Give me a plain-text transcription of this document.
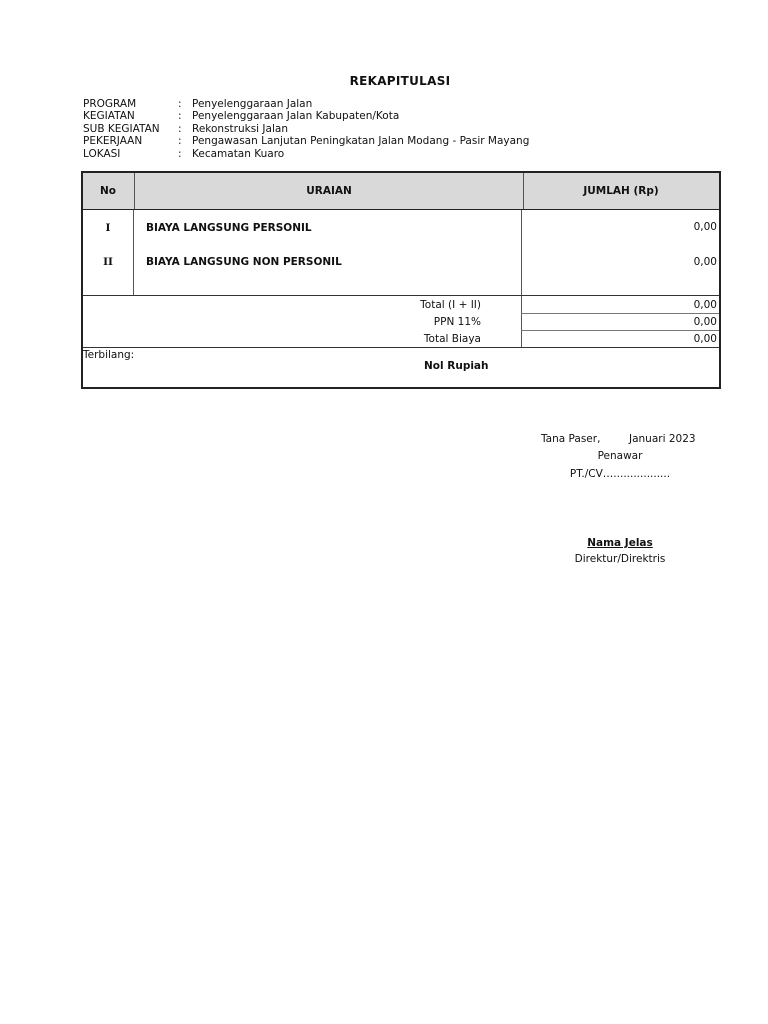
REKAPITULASI
PROGRAM	: Penyelenggaraan Jalan
KEGIATAN	: Penyelenggaraan Jalan Kabupaten/Kota
SUB KEGIATAN	: Rekonstruksi Jalan
PEKERJAAN	: Pengawasan Lanjutan Peningkatan Jalan Modang - Pasir Mayang
LOKASI	: Kecamatan Kuaro
No	URAIAN	JUMLAH (Rp)
I	BIAYA LANGSUNG PERSONIL	0,00
II	BIAYA LANGSUNG NON PERSONIL	0,00
Total (I + II)	0,00
PPN 11%	0,00
Total Biaya	0,00
Terbilang:
Nol Rupiah
Tana Paser,	Januari 2023
Penawar
PT./CV….................
Nama Jelas
Direktur/Direktris
